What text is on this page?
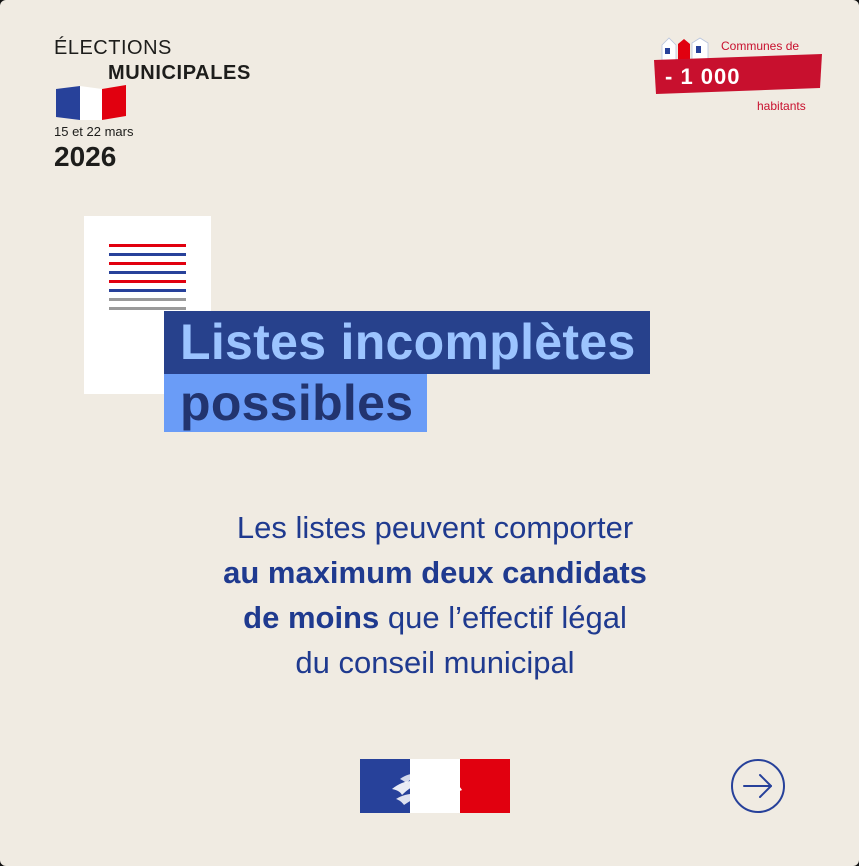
ÉLECTIONS
MUNICIPALES
15 et 22 mars
2026
Communes de
- 1 000
habitants
Listes incomplètes
possibles
Les listes peuvent comporter
au maximum deux candidats
de moins que l’effectif légal
du conseil municipal
